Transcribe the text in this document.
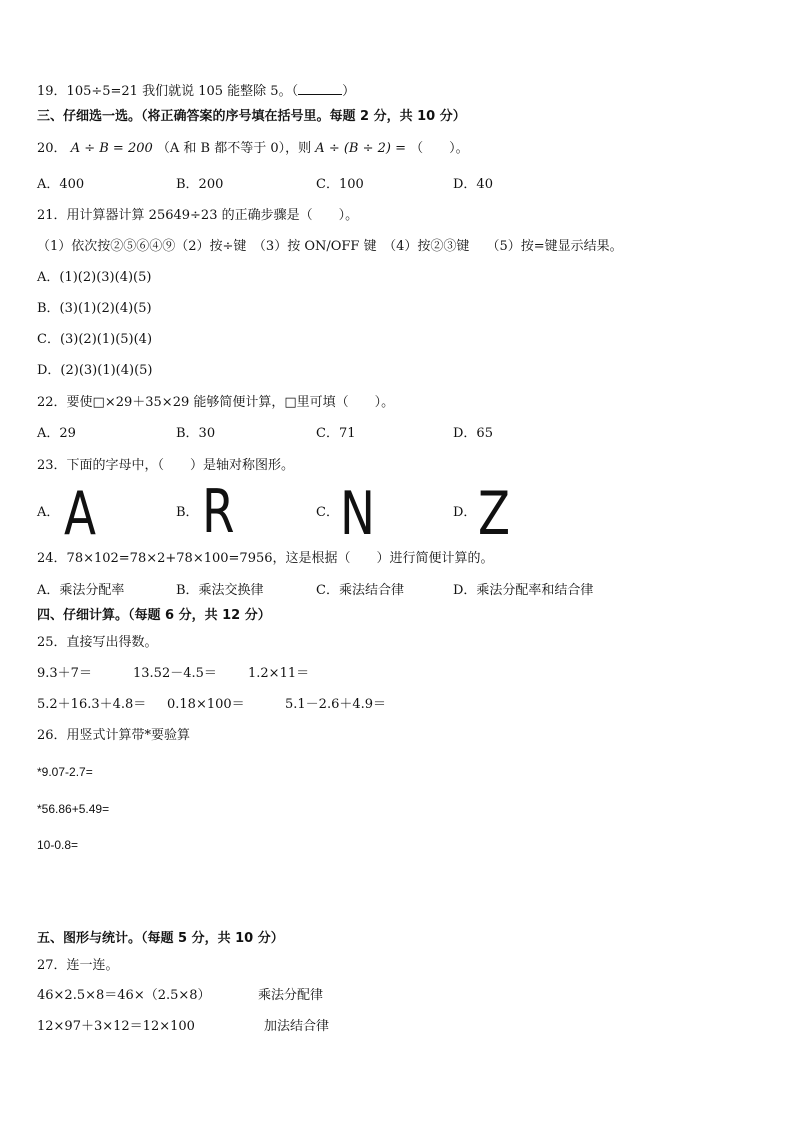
19．105÷5=21 我们就说 105 能整除 5。（	）
三、仔细选一选。（将正确答案的序号填在括号里。每题 2 分，共 10 分）
20． A ÷ B = 200 （A 和 B 都不等于 0），则 A ÷ (B ÷ 2) = （　　）。
A．400	B．200	C．100	D．40
21．用计算器计算 25649÷23 的正确步骤是（　　）。
（1）依次按②⑤⑥④⑨（2）按÷键　（3）按 ON/OFF 键　（4）按②③键　 （5）按=键显示结果。
A．(1)(2)(3)(4)(5)
B．(3)(1)(2)(4)(5)
C．(3)(2)(1)(5)(4)
D．(2)(3)(1)(4)(5)
22．要使□×29＋35×29 能够简便计算，□里可填（　　）。
A．29	B．30	C．71	D．65
23．下面的字母中，（　　）是轴对称图形。
A． A	B． R	C． N	D． Z
24．78×102=78×2+78×100=7956，这是根据（　　）进行简便计算的。
A．乘法分配率	B．乘法交换律	C．乘法结合律	D．乘法分配率和结合律
四、仔细计算。（每题 6 分，共 12 分）
25．直接写出得数。
9.3＋7＝	13.52－4.5＝ 1.2×11＝
5.2＋16.3＋4.8＝ 0.18×100＝	5.1－2.6＋4.9＝
26．用竖式计算带*要验算
*9.07-2.7=
*56.86+5.49=
10-0.8=
五、图形与统计。（每题 5 分，共 10 分）
27．连一连。
46×2.5×8＝46×（2.5×8）	乘法分配律
12×97＋3×12＝12×100	加法结合律
